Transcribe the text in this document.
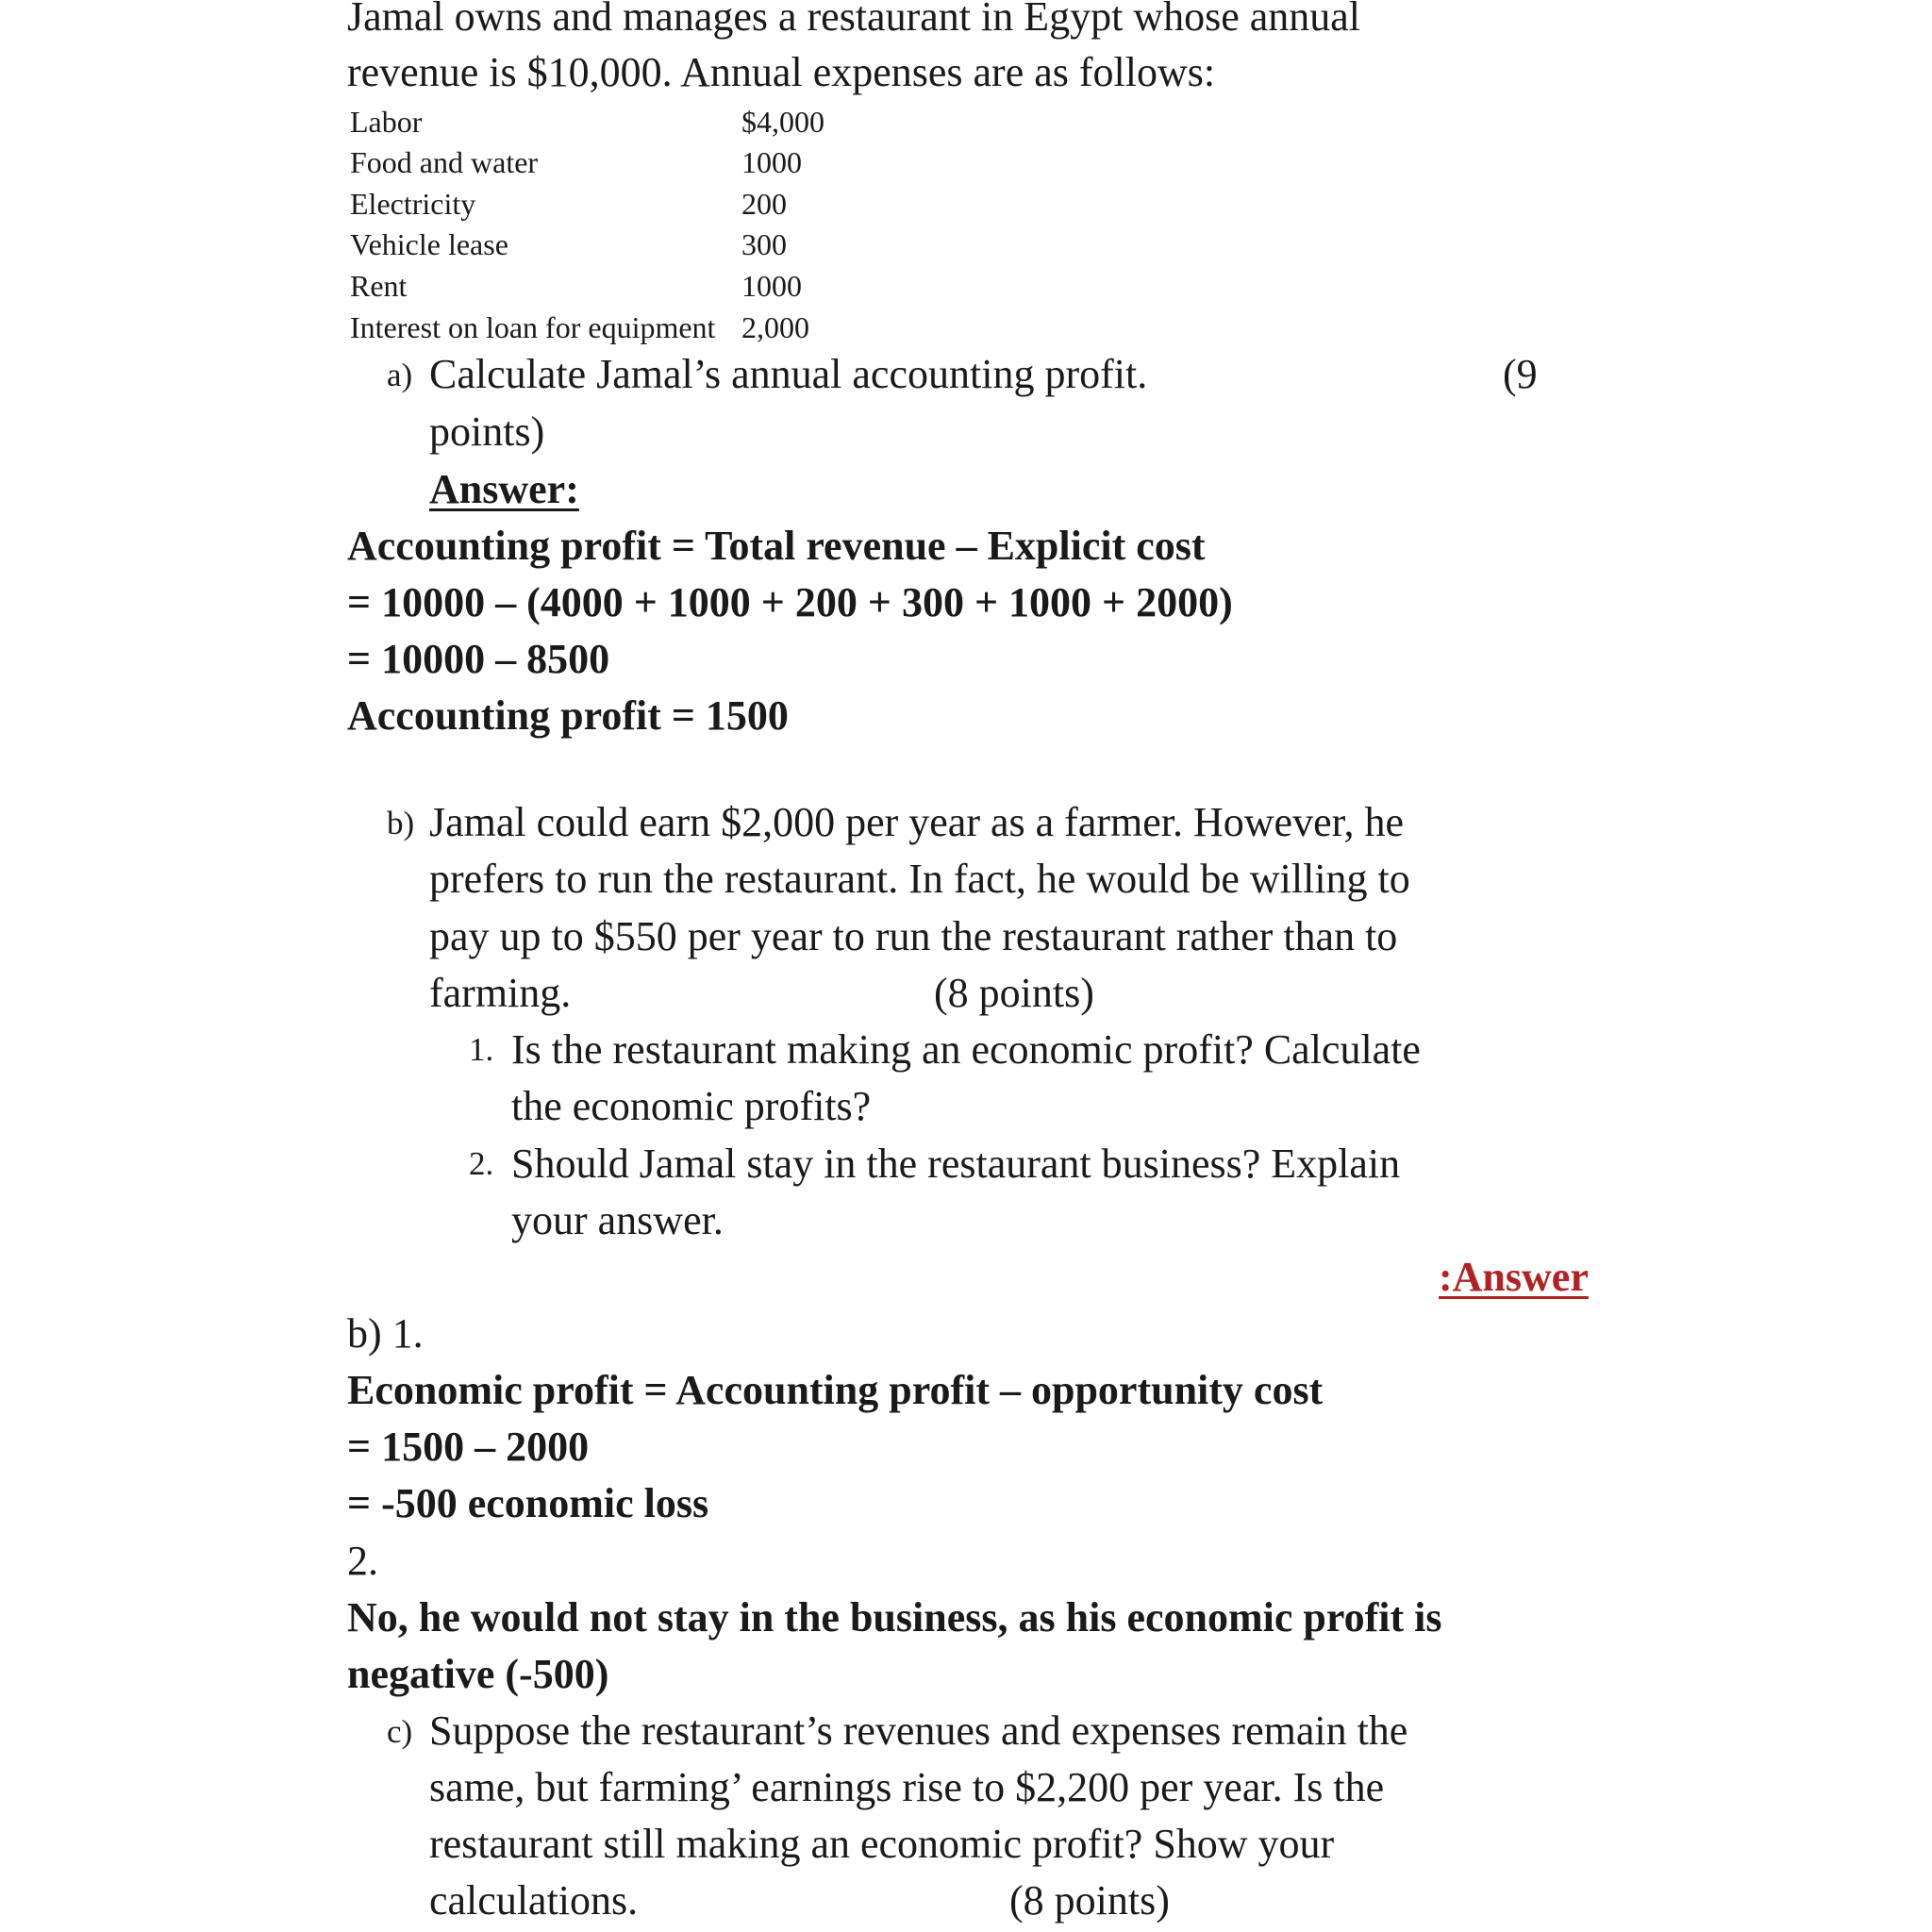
Jamal owns and manages a restaurant in Egypt whose annual
revenue is $10,000. Annual expenses are as follows:
Labor	$4,000
Food and water	1000
Electricity	200
Vehicle lease	300
Rent	1000
Interest on loan for equipment 2,000
a) Calculate Jamal’s annual accounting profit.	(9
points)
Answer:
Accounting profit = Total revenue – Explicit cost
= 10000 – (4000 + 1000 + 200 + 300 + 1000 + 2000)
= 10000 – 8500
Accounting profit = 1500
b) Jamal could earn $2,000 per year as a farmer. However, he
prefers to run the restaurant. In fact, he would be willing to
pay up to $550 per year to run the restaurant rather than to
farming.	(8 points)
1. Is the restaurant making an economic profit? Calculate
the economic profits?
2. Should Jamal stay in the restaurant business? Explain
your answer.
:Answer
b) 1.
Economic profit = Accounting profit – opportunity cost
= 1500 – 2000
= -500 economic loss
2.
No, he would not stay in the business, as his economic profit is
negative (-500)
c) Suppose the restaurant’s revenues and expenses remain the
same, but farming’ earnings rise to $2,200 per year. Is the
restaurant still making an economic profit? Show your
calculations.	(8 points)
